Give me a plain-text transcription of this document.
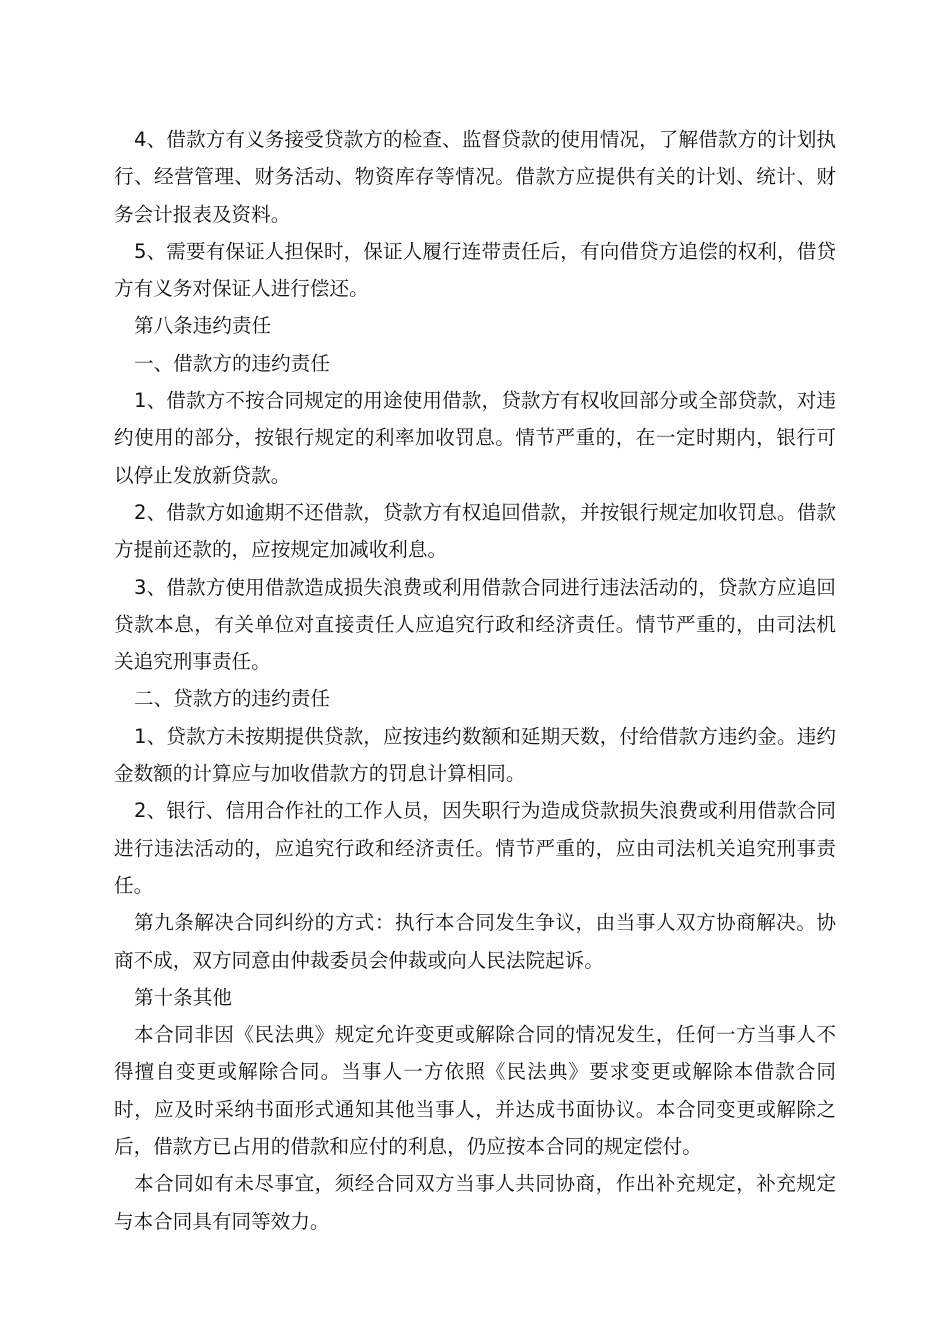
4、借款方有义务接受贷款方的检查、监督贷款的使用情况，了解借款方的计划执行、经营管理、财务活动、物资库存等情况。借款方应提供有关的计划、统计、财务会计报表及资料。

5、需要有保证人担保时，保证人履行连带责任后，有向借贷方追偿的权利，借贷方有义务对保证人进行偿还。

第八条违约责任

一、借款方的违约责任

1、借款方不按合同规定的用途使用借款，贷款方有权收回部分或全部贷款，对违约使用的部分，按银行规定的利率加收罚息。情节严重的，在一定时期内，银行可以停止发放新贷款。

2、借款方如逾期不还借款，贷款方有权追回借款，并按银行规定加收罚息。借款方提前还款的，应按规定加减收利息。

3、借款方使用借款造成损失浪费或利用借款合同进行违法活动的，贷款方应追回贷款本息，有关单位对直接责任人应追究行政和经济责任。情节严重的，由司法机关追究刑事责任。

二、贷款方的违约责任

1、贷款方未按期提供贷款，应按违约数额和延期天数，付给借款方违约金。违约金数额的计算应与加收借款方的罚息计算相同。

2、银行、信用合作社的工作人员，因失职行为造成贷款损失浪费或利用借款合同进行违法活动的，应追究行政和经济责任。情节严重的，应由司法机关追究刑事责任。

第九条解决合同纠纷的方式：执行本合同发生争议，由当事人双方协商解决。协商不成，双方同意由仲裁委员会仲裁或向人民法院起诉。

第十条其他

本合同非因《民法典》规定允许变更或解除合同的情况发生，任何一方当事人不得擅自变更或解除合同。当事人一方依照《民法典》要求变更或解除本借款合同时，应及时采纳书面形式通知其他当事人，并达成书面协议。本合同变更或解除之后，借款方已占用的借款和应付的利息，仍应按本合同的规定偿付。

本合同如有未尽事宜，须经合同双方当事人共同协商，作出补充规定，补充规定与本合同具有同等效力。
